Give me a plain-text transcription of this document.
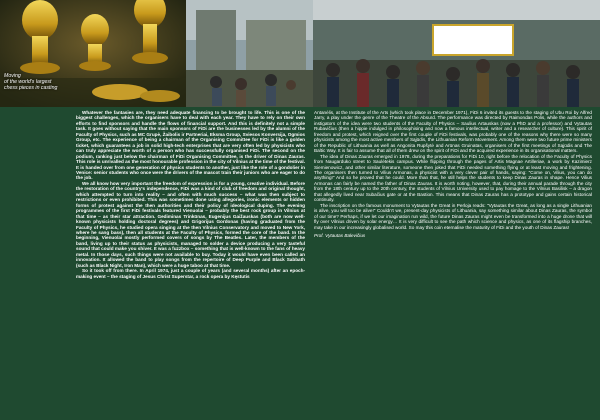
Moving
of the world's largest
chess pieces in casting

Whatever the fantasies are, they need adequate financing to be brought to life. This is one of the biggest challenges, which the organisers have to deal with each year. They have to rely on their own efforts to find sponsors and handle the flows of financial support. And this is definitely not a simple task. It goes without saying that the main sponsors of FiDi are the businesses led by the alumni of the Faculty of Physics, such as MC Grupė, Žaibolis ir Partneriai, Eksma Group, Sviesos Konversija, Ogmios Group, etc. The experience of being a chairman of the Organising Committee for FiDi is like a golden ticket, which guarantees a job in solid high-tech enterprises that are very often led by physicists who can truly appreciate the worth of a person who has successfully organised FiDi. The second on the podium, ranking just below the chairman of FiDi Organising Committee, is the driver of Dinas Zauras. This role is unrivalled as the most honourable profession in the city of Vilnius at the time of the festival. It is handed over from one generation of physics students to another, just like the role of a gondolier in Venice: senior students who once were the drivers of the mascot train their juniors who are eager to do the job.

We all know how very important the freedom of expression is for a young, creative individual. Before the restoration of the country's independence, FiDi was a kind of club of freedom and original thought, which attempted to turn into reality – and often with much success – what was then subject to restrictions or even prohibited. This was sometimes done using allegories, ironic elements or hidden forms of protest against the then authorities and their policy of ideological duping. The evening programmes of the first FiDi festivals featured Vienuolai – probably the best rock group in Vilnius at that time – as their star attraction. Gediminas Trinkūnas, Eugenijus Gaižauskas (both are now well-known physicists holding doctoral degrees) and Grigorijus Gordonas (having graduated from the Faculty of Physics, he studied opera singing at the then Vilnius Conservatory and moved to New York, where he sang bass), then all students at the Faculty of Physics, formed the core of the band. In the beginning, Vienuolai mostly performed covers of songs by The Beatles. Later, the members of the band, living up to their status as physicists, managed to solder a device producing a very tasteful sound that could make you shiver. It was a fuzzbox – something that is well-known to the fans of heavy metal. In those days, such things were not available to buy. Today it would have even been called an innovation. It allowed the band to play songs from the repertoire of Deep Purple and Black Sabbath (such as Black Night, Iron Man), which were a huge taboo at that time.

So it took off from there. In April 1974, just a couple of years (and several months) after an epoch-making event – the staging of Jesus Christ Superstar, a rock opera by Kęstutis

Antanėlis, at the Institute of the Arts (which took place in December 1971), FiDi 6 invited its guests to the staging of Ubu Roi by Alfred Jarry, a play under the genre of the Theatre of the Absurd. The performance was directed by Raimondas Polis, while the authors and instigators of the idea were two students of the Faculty of Physics – Saulius Artauskas (now a PhD and a professor) and Vytautas Rubavičius (then a hippie indulged in philosophising and now a famous intellectual, writer and a researcher of culture). This spirit of freedom and protest, which reigned over the first couple of FiDi festivals, was probably one of the reasons why there were so many physicists among the most active members of Sąjūdis, the Lithuanian Reform Movement. Among them were two future prime ministers of the Republic of Lithuania as well as Angonita Rupšytė and Arūnas Gruinatas, organisers of the first meetings of Sąjūdis and The Baltic Way. It is fair to assume that all of them drew on the spirit of FiDi and the acquired experience in its organisational matters.

The idea of Dinas Zauras emerged in 1978, during the preparations for FiDi 10, right before the relocation of the Faculty of Physics from Naugarduko street to Saulėtekis campus. While flipping through the pages of Artis Magnae Artilleriae, a work by Kazimierz Siemienowicz, and other similar literature, someone then joked that FiDi needed something flying or at least moving and frightening. The organisers then turned to Vilius Armonas, a physicist with a very clever pair of hands, saying: "Come on, Vilius, you can do anything!" And so he proved that he could. More than that, he still helps the students to keep Dinas Zauras in shape. Hence Vilius Armonas can fairly be named the father of Dinas Zauras. It is worth noting, however, that, during their annual parade through the city from the 18th century up to the 20th century, the students of Vilnius University used to pay homage to the Vilnius Basilisk – a dragon that allegedly lived near Subačius gate or at the Bastion. This means that Dinas Zauras has a prototype and gains certain historical continuity.

The inscription on the famous monument to Vytautas the Great in Perloja reads: "Vytautas the Great, as long as a single Lithuanian is alive, you will too be alive!" Couldn't we, present-day physicists of Lithuania, say something similar about Dinas Zauras, the symbol of our time? Perhaps, if we let our imagination run wild, the future Dinas Zauras might even be transformed into a huge drone that will fly over Vilnius driven by solar energy… It is very difficult to see the path which science and physics, as one of its flagship branches, may take in our increasingly globalised world. So may this coin eternalise the maturity of FiDi and the youth of Dinas Zauras!

Prof. Vytautas Balevičius
